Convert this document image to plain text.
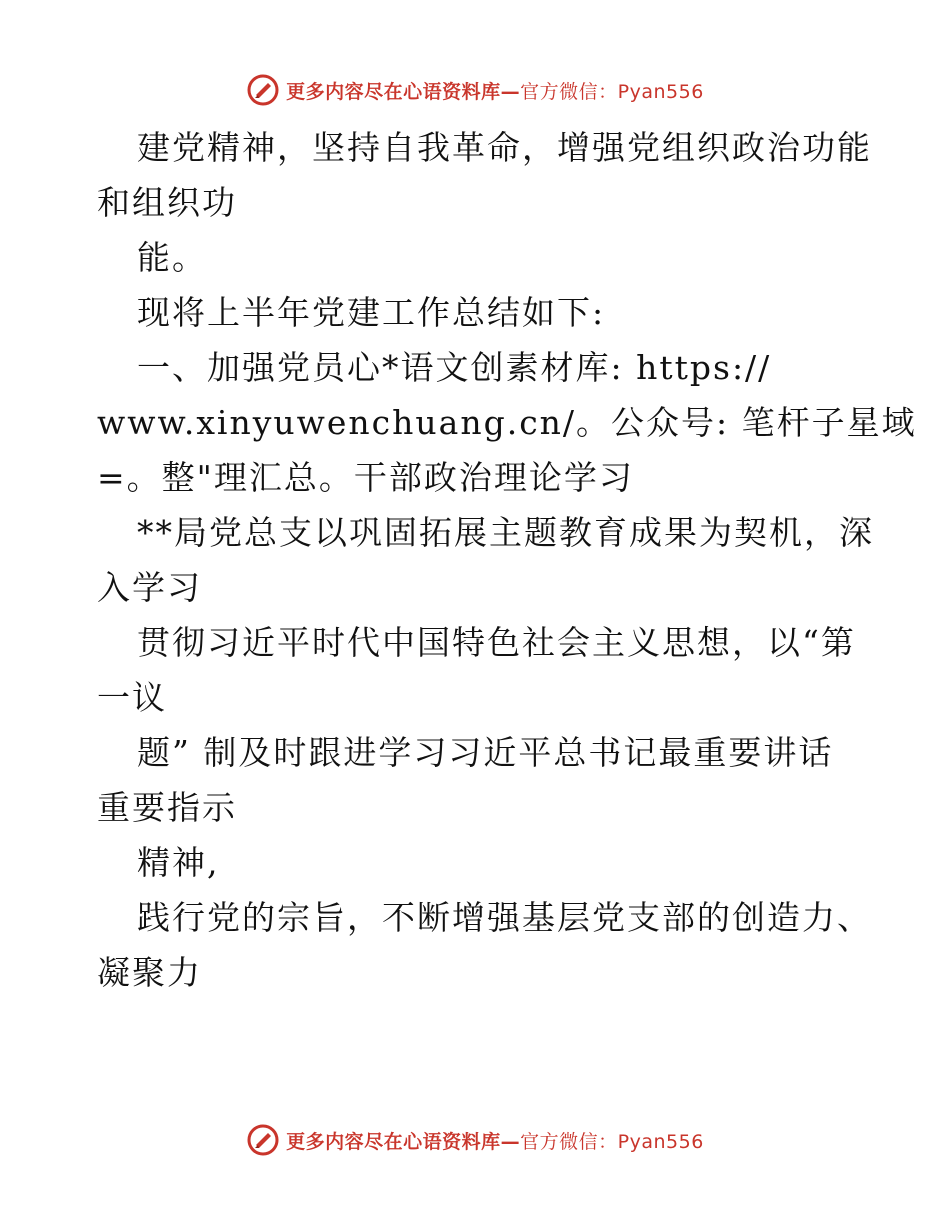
更多内容尽在心语资料库—官方微信：Pyan556
建党精神，坚持自我革命，增强党组织政治功能
和组织功
能。
现将上半年党建工作总结如下:
一、加强党员心*语文创素材库: https://
www.xinyuwenchuang.cn/。公众号: 笔杆子星域
=。整"理汇总。干部政治理论学习
**局党总支以巩固拓展主题教育成果为契机，深
入学习
贯彻习近平时代中国特色社会主义思想，以“第
一议
题” 制及时跟进学习习近平总书记最重要讲话
重要指示
精神,
践行党的宗旨，不断增强基层党支部的创造力、
凝聚力
更多内容尽在心语资料库—官方微信：Pyan556
